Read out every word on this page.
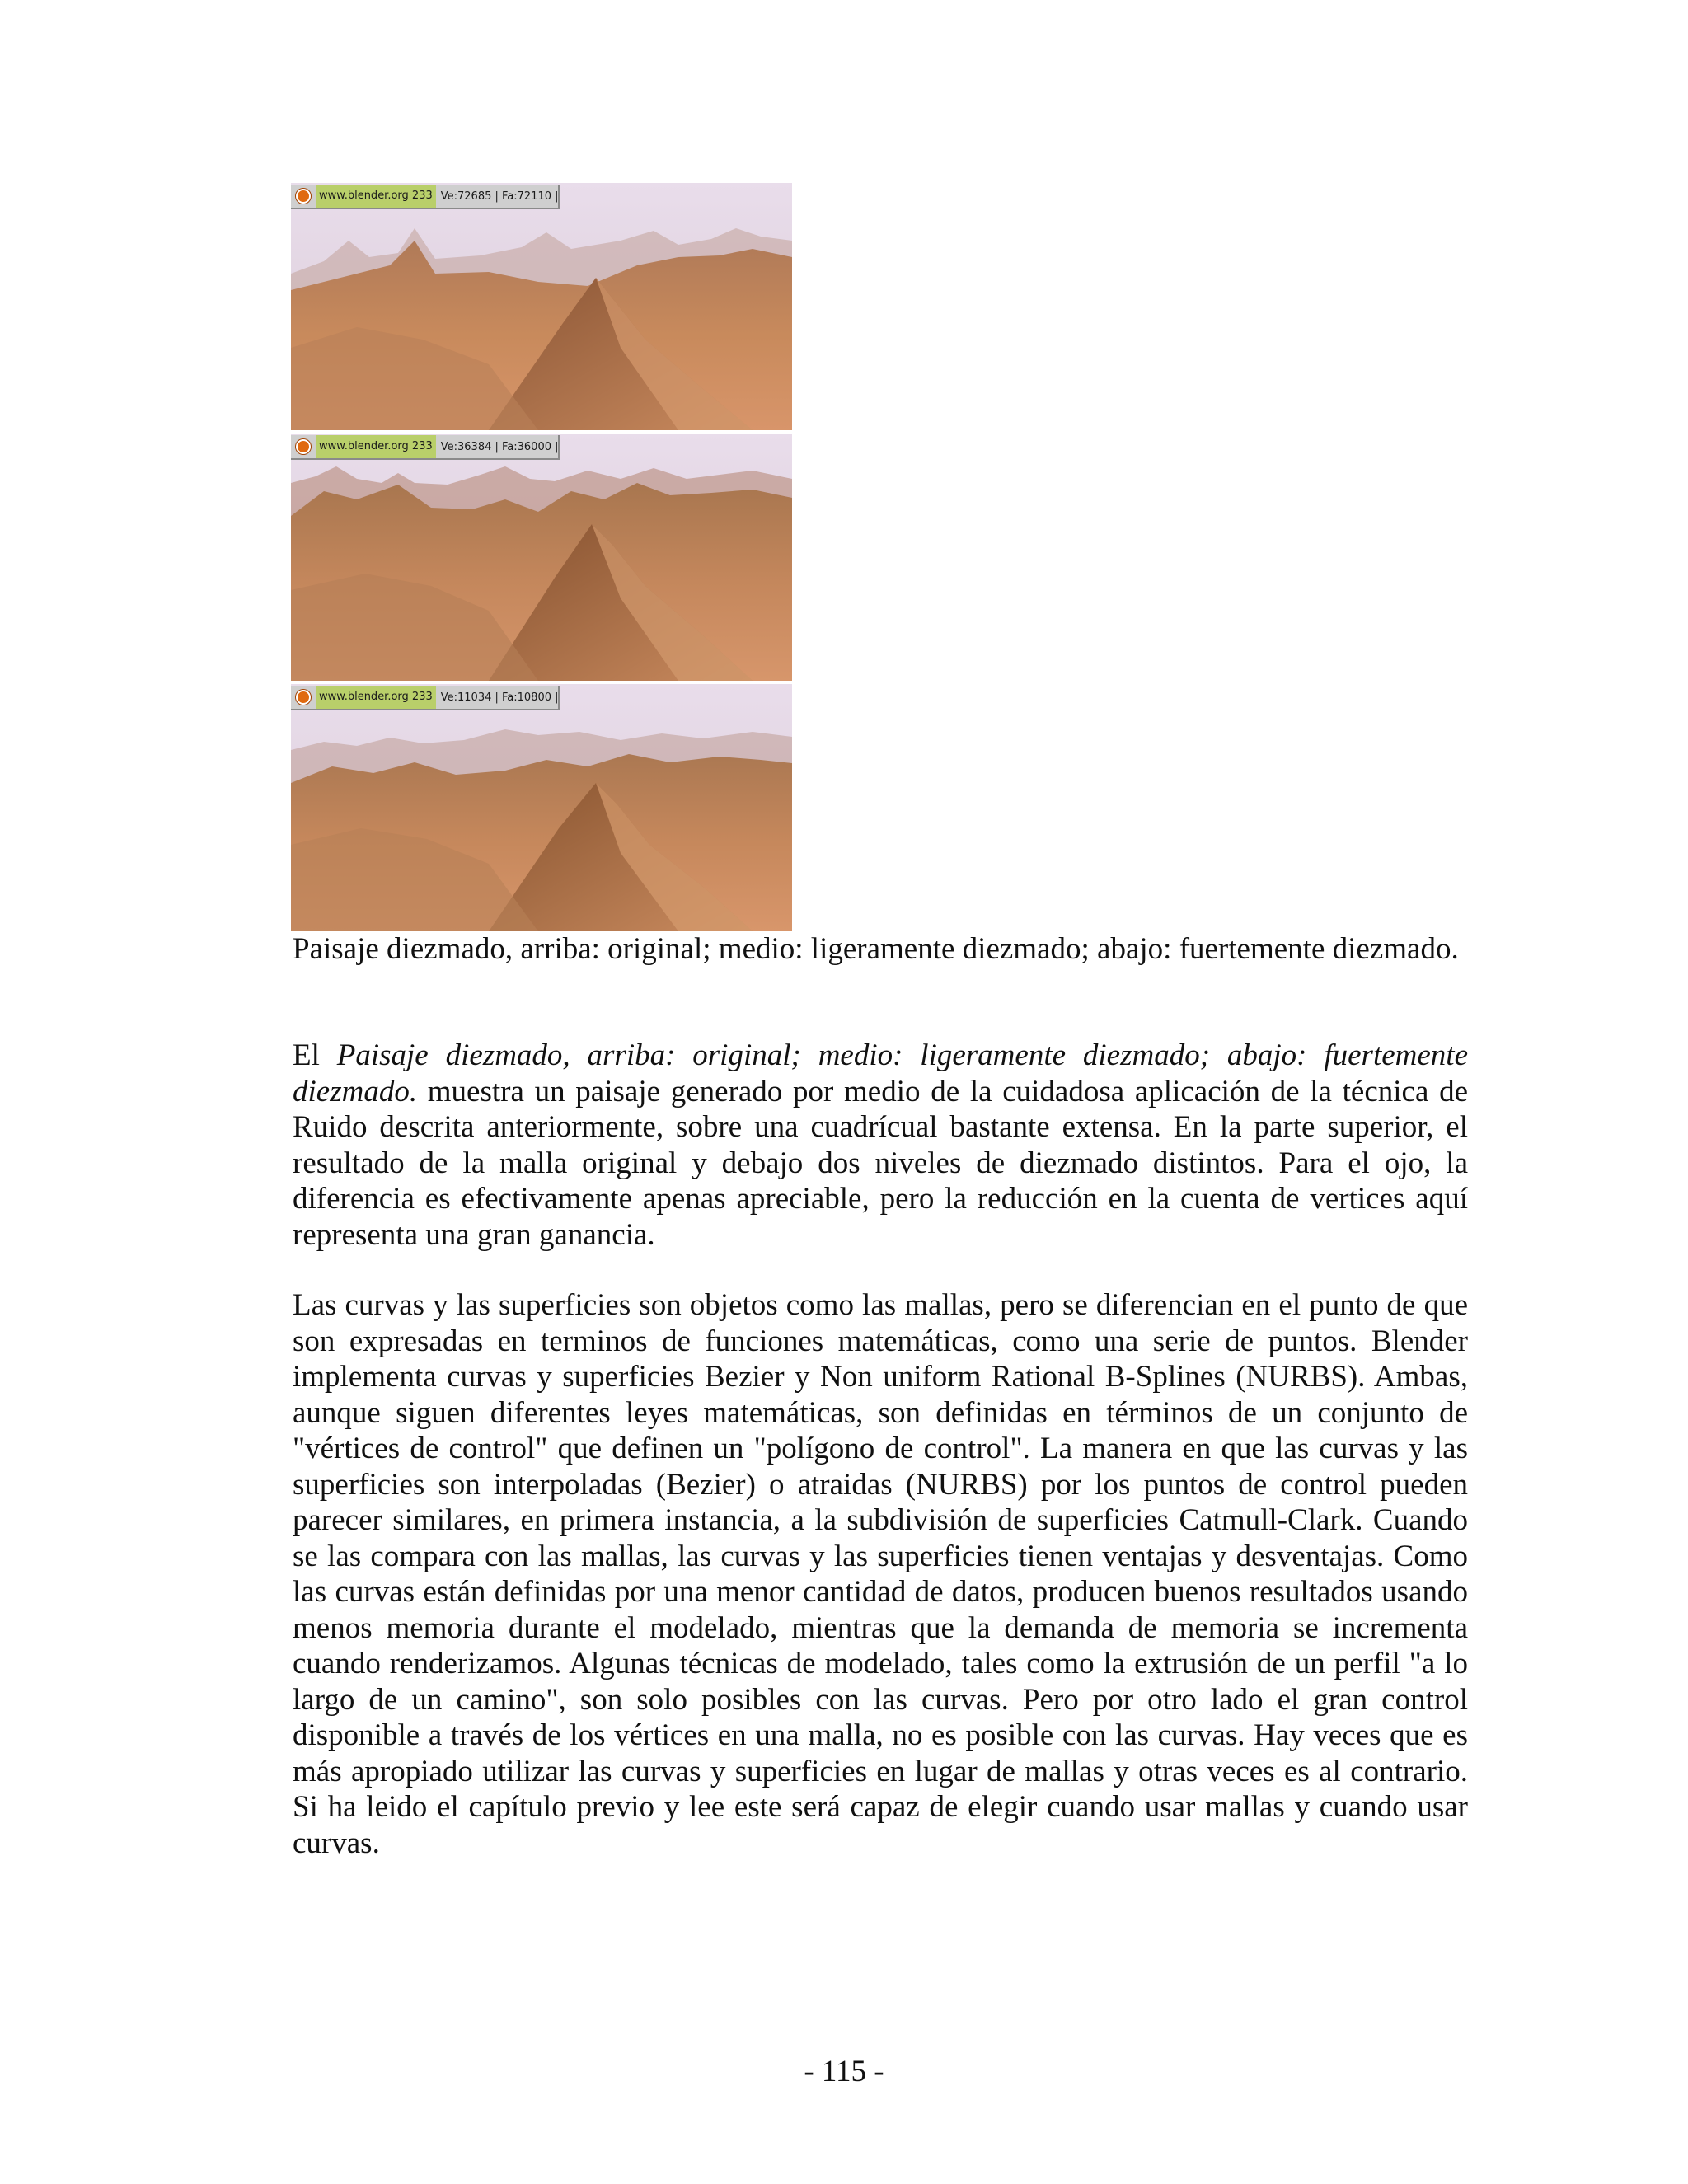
www.blender.org 233 Ve:72685 | Fa:72110 |
www.blender.org 233 Ve:36384 | Fa:36000 |
www.blender.org 233 Ve:11034 | Fa:10800 |
Paisaje diezmado, arriba: original; medio: ligeramente diezmado; abajo: fuertemente diezmado.

El Paisaje diezmado, arriba: original; medio: ligeramente diezmado; abajo: fuertemente diezmado. muestra un paisaje generado por medio de la cuidadosa aplicación de la técnica de Ruido descrita anteriormente, sobre una cuadrícual bastante extensa. En la parte superior, el resultado de la malla original y debajo dos niveles de diezmado distintos. Para el ojo, la diferencia es efectivamente apenas apreciable, pero la reducción en la cuenta de vertices aquí representa una gran ganancia.

Las curvas y las superficies son objetos como las mallas, pero se diferencian en el punto de que son expresadas en terminos de funciones matemáticas, como una serie de puntos. Blender implementa curvas y superficies Bezier y Non uniform Rational B-Splines (NURBS). Ambas, aunque siguen diferentes leyes matemáticas, son definidas en términos de un conjunto de "vértices de control" que definen un "polígono de control". La manera en que las curvas y las superficies son interpoladas (Bezier) o atraidas (NURBS) por los puntos de control pueden parecer similares, en primera instancia, a la subdivisión de superficies Catmull-Clark. Cuando se las compara con las mallas, las curvas y las superficies tienen ventajas y desventajas. Como las curvas están definidas por una menor cantidad de datos, producen buenos resultados usando menos memoria durante el modelado, mientras que la demanda de memoria se incrementa cuando renderizamos. Algunas técnicas de modelado, tales como la extrusión de un perfil "a lo largo de un camino", son solo posibles con las curvas. Pero por otro lado el gran control disponible a través de los vértices en una malla, no es posible con las curvas. Hay veces que es más apropiado utilizar las curvas y superficies en lugar de mallas y otras veces es al contrario. Si ha leido el capítulo previo y lee este será capaz de elegir cuando usar mallas y cuando usar curvas.

- 115 -
